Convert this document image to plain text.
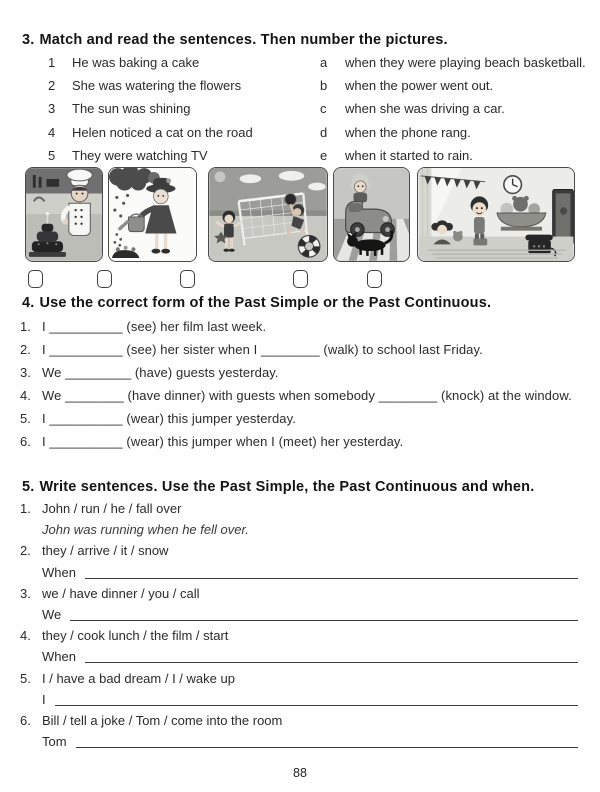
3. Match and read the sentences. Then number the pictures.
1	He was baking a cake	a	when they were playing beach basketball.
2	She was watering the flowers	b	when the power went out.
3	The sun was shining	c	when she was driving a car.
4	Helen noticed a cat on the road	d	when the phone rang.
5	They were watching TV	e	when it started to rain.
4. Use the correct form of the Past Simple or the Past Continuous.
1. I __________ (see) her film last week.
2. I __________ (see) her sister when I ________ (walk) to school last Friday.
3. We _________ (have) guests yesterday.
4. We ________ (have dinner) with guests when somebody ________ (knock) at the window.
5. I __________ (wear) this jumper yesterday.
6. I __________ (wear) this jumper when I (meet) her yesterday.
5. Write sentences. Use the Past Simple, the Past Continuous and when.
1. John / run / he / fall over
John was running when he fell over.
2. they / arrive / it / snow
When
3. we / have dinner / you / call
We
4. they / cook lunch / the film / start
When
5. I / have a bad dream / I / wake up
I
6. Bill / tell a joke / Tom / come into the room
Tom
88
